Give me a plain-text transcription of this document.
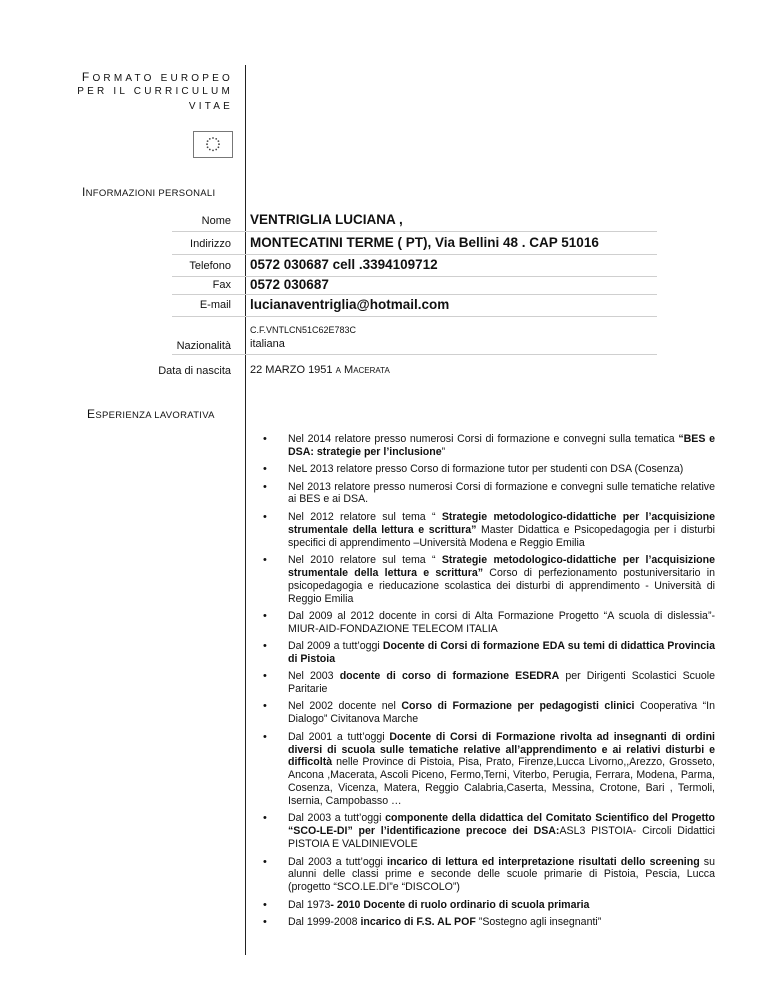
FORMATO EUROPEO
PER IL CURRICULUM
VITAE
INFORMAZIONI PERSONALI
Nome VENTRIGLIA LUCIANA ,
Indirizzo MONTECATINI TERME ( PT), Via Bellini 48 . CAP 51016
Telefono 0572 030687 cell .3394109712
Fax 0572 030687
E-mail lucianaventriglia@hotmail.com
C.F.VNTLCN51C62E783C
Nazionalità italiana
Data di nascita 22 MARZO 1951 A MACERATA
ESPERIENZA LAVORATIVA
• Nel 2014 relatore presso numerosi Corsi di formazione e convegni sulla tematica “BES e DSA: strategie per l’inclusione”
• NeL 2013 relatore presso Corso di formazione tutor per studenti con DSA (Cosenza)
• Nel 2013 relatore presso numerosi Corsi di formazione e convegni sulle tematiche relative ai BES e ai DSA.
• Nel 2012 relatore sul tema “ Strategie metodologico-didattiche per l’acquisizione strumentale della lettura e scrittura” Master Didattica e Psicopedagogia per i disturbi specifici di apprendimento –Università Modena e Reggio Emilia
• Nel 2010 relatore sul tema “ Strategie metodologico-didattiche per l’acquisizione strumentale della lettura e scrittura” Corso di perfezionamento postuniversitario in psicopedagogia e rieducazione scolastica dei disturbi di apprendimento - Università di Reggio Emilia
• Dal 2009 al 2012 docente in corsi di Alta Formazione Progetto “A scuola di dislessia”- MIUR-AID-FONDAZIONE TELECOM ITALIA
• Dal 2009 a tutt’oggi Docente di Corsi di formazione EDA su temi di didattica Provincia di Pistoia
• Nel 2003 docente di corso di formazione ESEDRA per Dirigenti Scolastici Scuole Paritarie
• Nel 2002 docente nel Corso di Formazione per pedagogisti clinici Cooperativa “In Dialogo” Civitanova Marche
• Dal 2001 a tutt’oggi Docente di Corsi di Formazione rivolta ad insegnanti di ordini diversi di scuola sulle tematiche relative all’apprendimento e ai relativi disturbi e difficoltà nelle Province di Pistoia, Pisa, Prato, Firenze,Lucca Livorno,,Arezzo, Grosseto, Ancona ,Macerata, Ascoli Piceno, Fermo,Terni, Viterbo, Perugia, Ferrara, Modena, Parma, Cosenza, Vicenza, Matera, Reggio Calabria,Caserta, Messina, Crotone, Bari , Termoli, Isernia, Campobasso …
• Dal 2003 a tutt’oggi componente della didattica del Comitato Scientifico del Progetto “SCO-LE-DI” per l’identificazione precoce dei DSA:ASL3 PISTOIA- Circoli Didattici PISTOIA E VALDINIEVOLE
• Dal 2003 a tutt’oggi incarico di lettura ed interpretazione risultati dello screening su alunni delle classi prime e seconde delle scuole primarie di Pistoia, Pescia, Lucca (progetto “SCO.LE.DI”e “DISCOLO”)
• Dal 1973- 2010 Docente di ruolo ordinario di scuola primaria
• Dal 1999-2008 incarico di F.S. AL POF ”Sostegno agli insegnanti”
